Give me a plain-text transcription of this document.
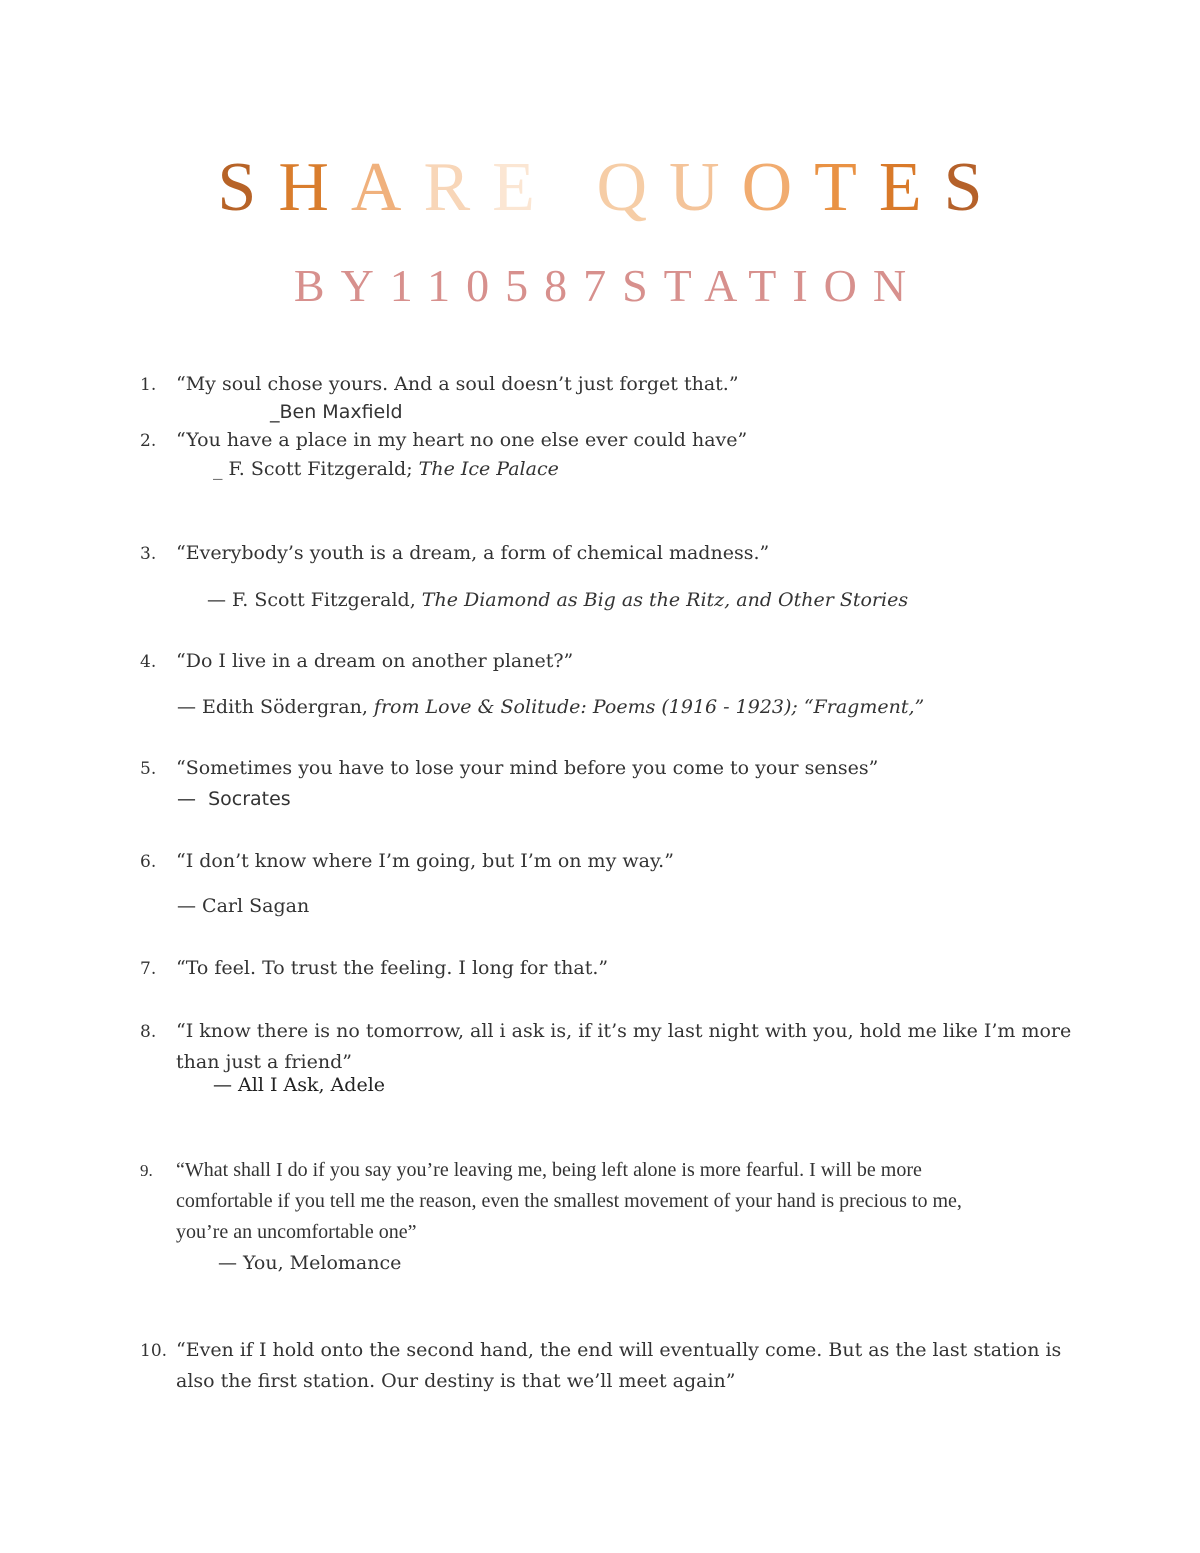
SHARE QUOTES
BY110587STATION
1. “My soul chose yours. And a soul doesn’t just forget that.”
_Ben Maxfield
2. “You have a place in my heart no one else ever could have”
_ F. Scott Fitzgerald; The Ice Palace
3. “Everybody’s youth is a dream, a form of chemical madness.”
— F. Scott Fitzgerald, The Diamond as Big as the Ritz, and Other Stories
4. “Do I live in a dream on another planet?”
— Edith Södergran, from Love & Solitude: Poems (1916 - 1923); “Fragment,”
5. “Sometimes you have to lose your mind before you come to your senses”
—  Socrates
6. “I don’t know where I’m going, but I’m on my way.”
— Carl Sagan
7. “To feel. To trust the feeling. I long for that.”
8. “I know there is no tomorrow, all i ask is, if it’s my last night with you, hold me like I’m more
than just a friend”
— All I Ask, Adele
9. “What shall I do if you say you’re leaving me, being left alone is more fearful. I will be more
comfortable if you tell me the reason, even the smallest movement of your hand is precious to me,
you’re an uncomfortable one”
— You, Melomance
10. “Even if I hold onto the second hand, the end will eventually come. But as the last station is
also the first station. Our destiny is that we’ll meet again”
